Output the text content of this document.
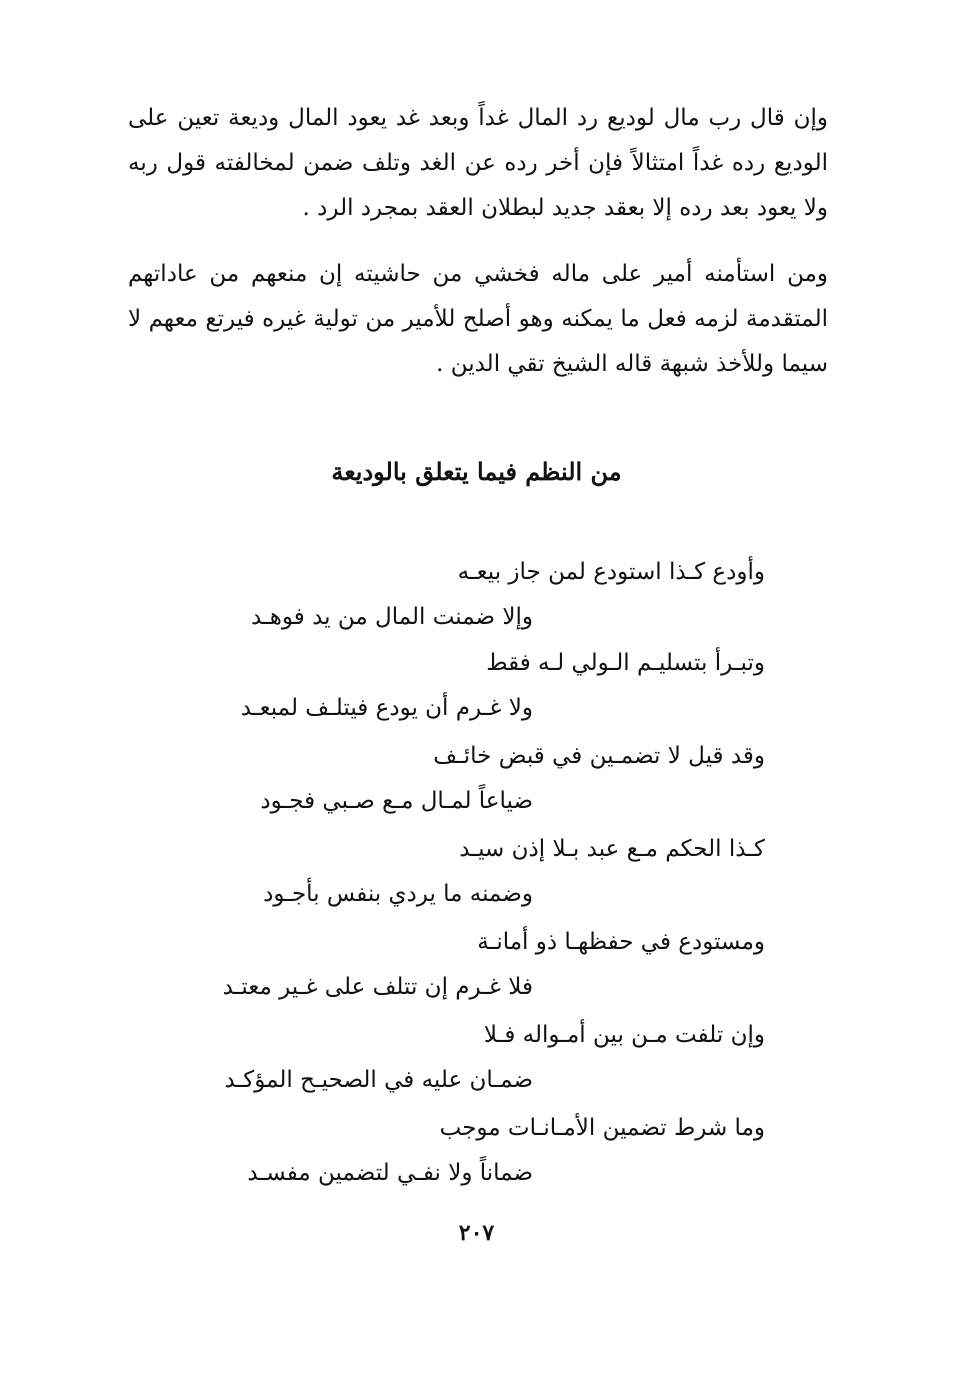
وإن قال رب مال لوديع رد المال غداً وبعد غد يعود المال وديعة تعين على الوديع رده غداً امتثالاً فإن أخر رده عن الغد وتلف ضمن لمخالفته قول ربه ولا يعود بعد رده إلا بعقد جديد لبطلان العقد بمجرد الرد .

ومن استأمنه أمير على ماله فخشي من حاشيته إن منعهم من عاداتهم المتقدمة لزمه فعل ما يمكنه وهو أصلح للأمير من تولية غيره فيرتع معهم لا سيما وللأخذ شبهة قاله الشيخ تقي الدين .

من النظم فيما يتعلق بالوديعة
وأودع كـذا استودع لمن جاز بيعـه
وإلا ضمنت المال من يد فوهـد
وتبـرأ بتسليـم الـولي لـه فقط
ولا غـرم أن يودع فيتلـف لمبعـد
وقد قيل لا تضمـين في قبض خائـف
ضياعاً لمـال مـع صـبي فجـود
كـذا الحكم مـع عبد بـلا إذن سيـد
وضمنه ما يردي بنفس بأجـود
ومستودع في حفظهـا ذو أمانـة
فلا غـرم إن تتلف على غـير معتـد
وإن تلفت مـن بين أمـواله فـلا
ضمـان عليه في الصحيـح المؤكـد
وما شرط تضمين الأمـانـات موجب
ضماناً ولا نفـي لتضمين مفسـد
٢٠٧
